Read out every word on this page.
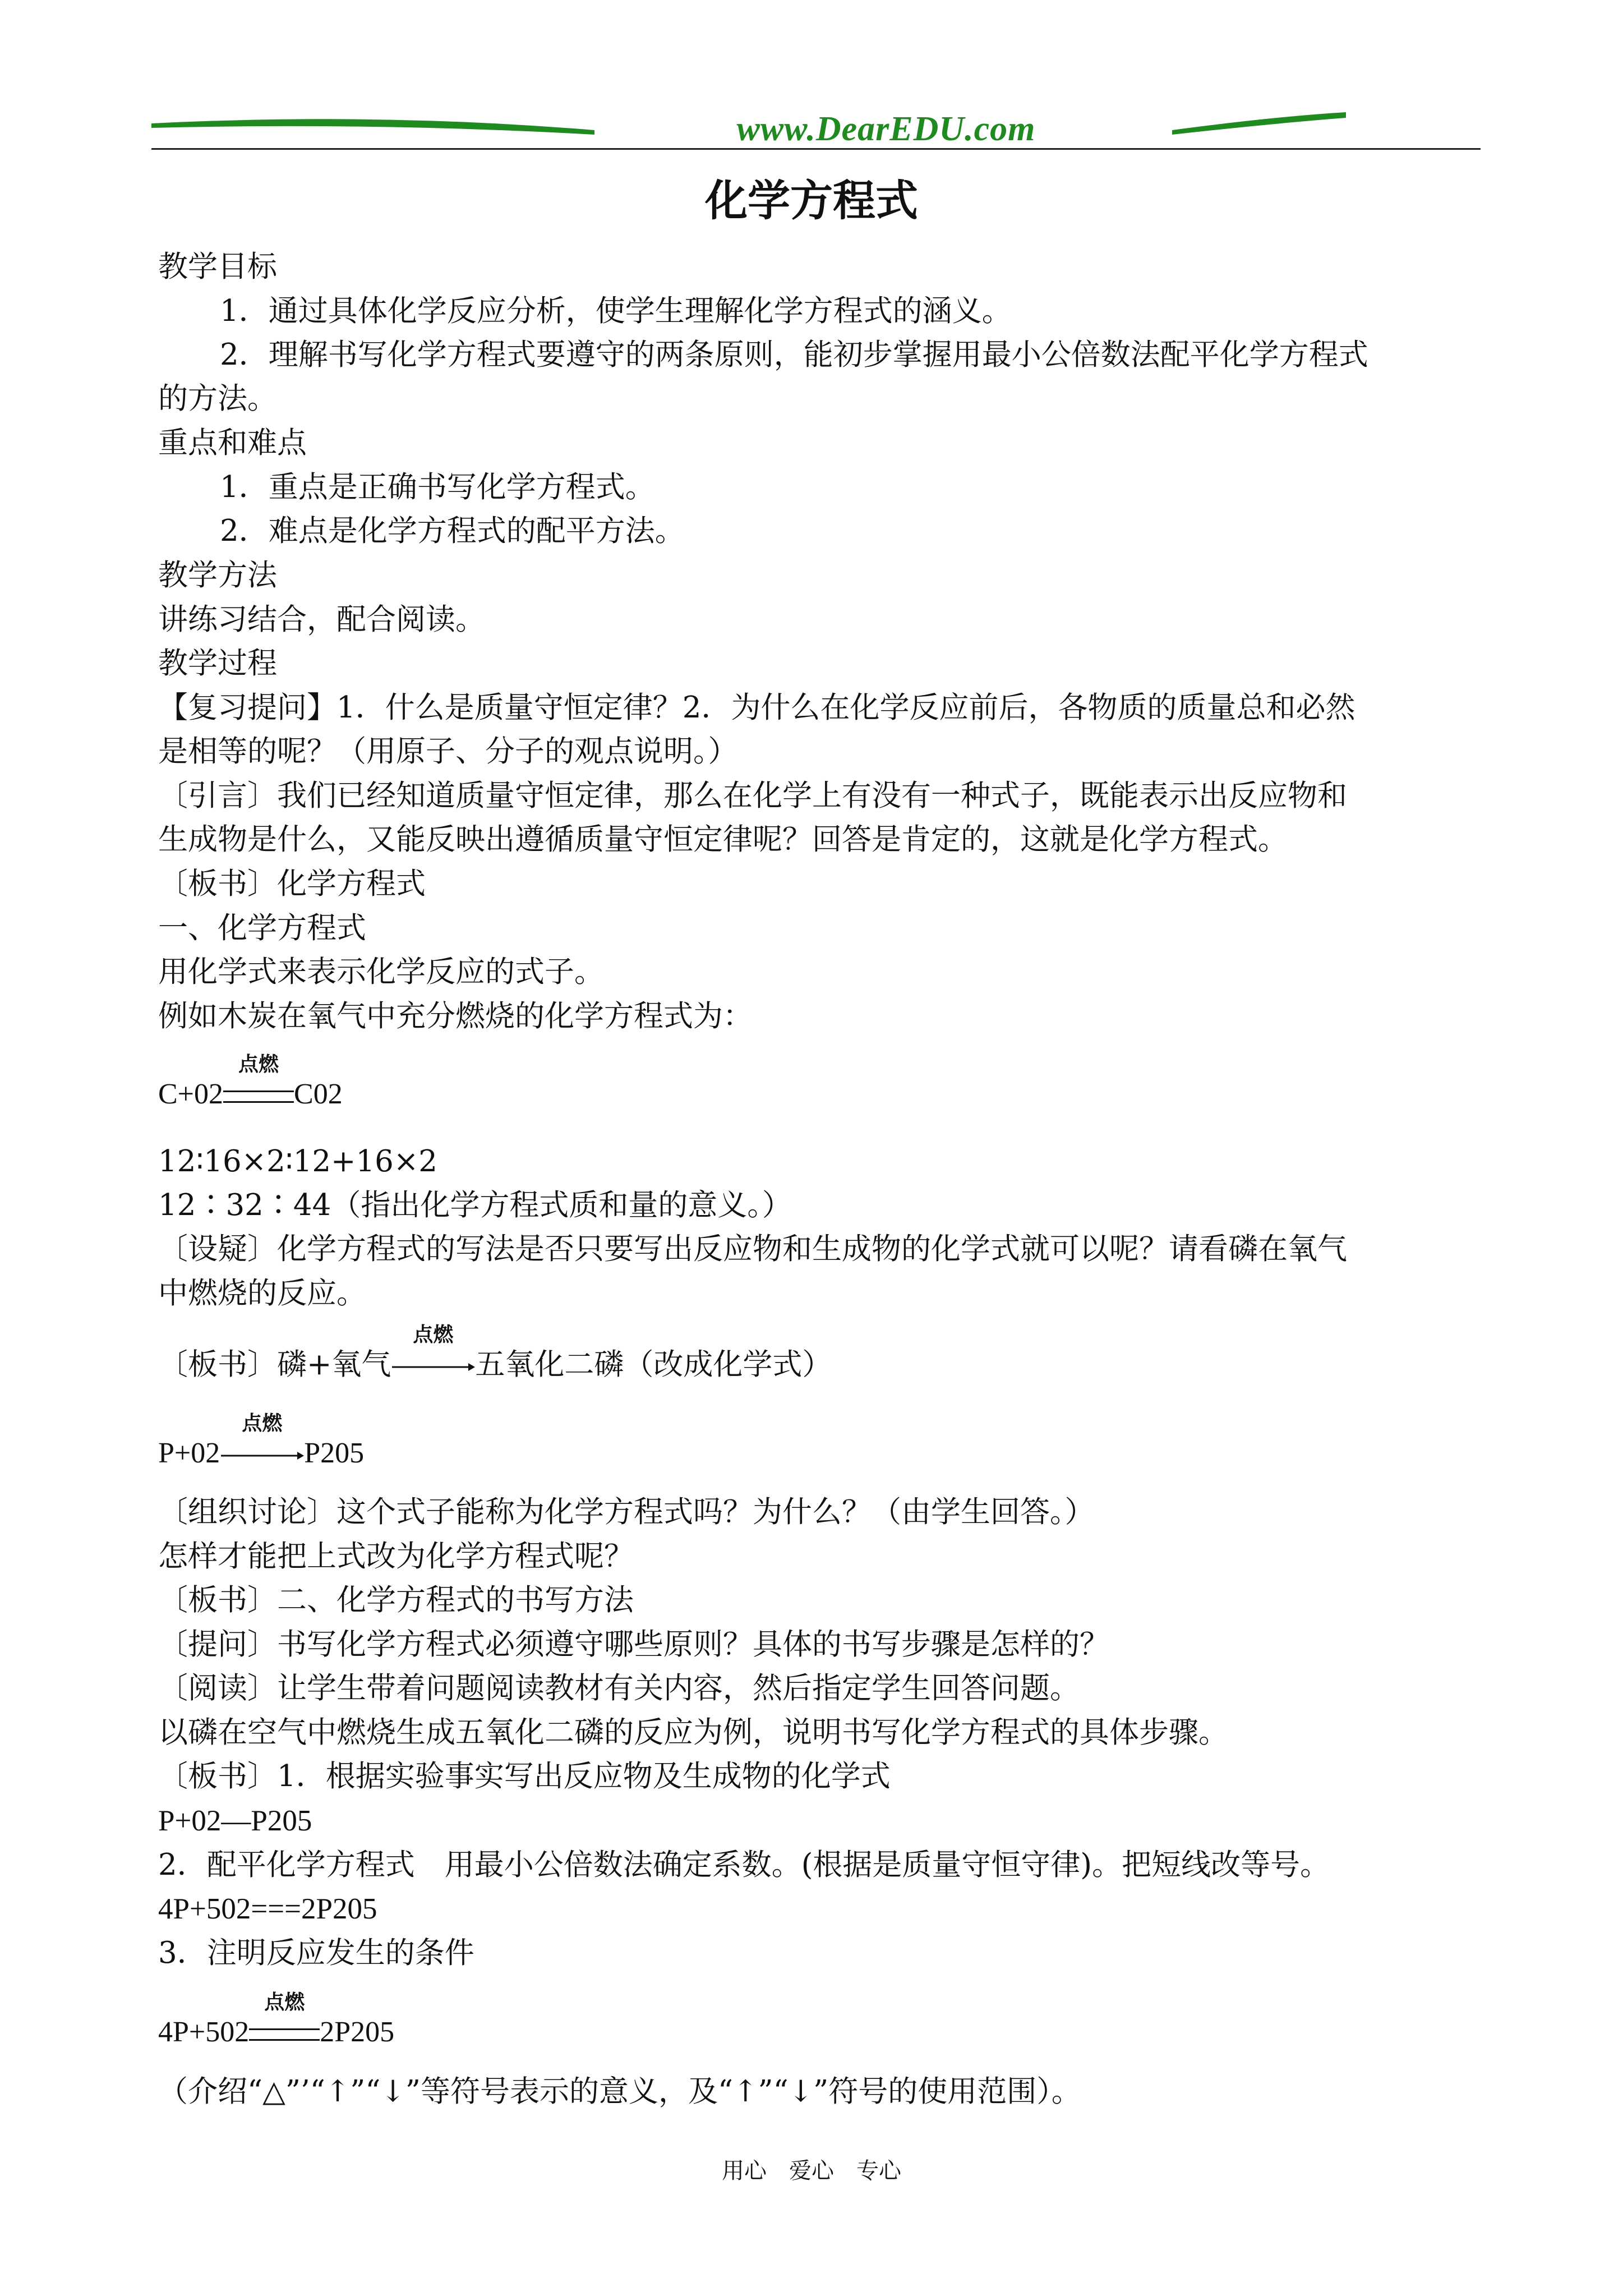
www.DearEDU.com
化学方程式
教学目标
1．通过具体化学反应分析，使学生理解化学方程式的涵义。
2．理解书写化学方程式要遵守的两条原则，能初步掌握用最小公倍数法配平化学方程式
的方法。
重点和难点
1．重点是正确书写化学方程式。
2．难点是化学方程式的配平方法。
教学方法
讲练习结合，配合阅读。
教学过程
【复习提问】1．什么是质量守恒定律？2．为什么在化学反应前后，各物质的质量总和必然
是相等的呢？（用原子、分子的观点说明。）
〔引言〕我们已经知道质量守恒定律，那么在化学上有没有一种式子，既能表示出反应物和
生成物是什么，又能反映出遵循质量守恒定律呢？回答是肯定的，这就是化学方程式。
〔板书〕化学方程式
一、化学方程式
用化学式来表示化学反应的式子。
例如木炭在氧气中充分燃烧的化学方程式为：
C+02
点燃
C02
12∶16×2∶12+16×2
12∶32∶44（指出化学方程式质和量的意义。）
〔设疑〕化学方程式的写法是否只要写出反应物和生成物的化学式就可以呢？请看磷在氧气
中燃烧的反应。
〔板书〕磷+氧气
点燃
五氧化二磷（改成化学式）
P+02
点燃
P205
〔组织讨论〕这个式子能称为化学方程式吗？为什么？（由学生回答。）
怎样才能把上式改为化学方程式呢？
〔板书〕二、化学方程式的书写方法
〔提问〕书写化学方程式必须遵守哪些原则？具体的书写步骤是怎样的？
〔阅读〕让学生带着问题阅读教材有关内容，然后指定学生回答问题。
以磷在空气中燃烧生成五氧化二磷的反应为例，说明书写化学方程式的具体步骤。
〔板书〕1．根据实验事实写出反应物及生成物的化学式
P+02—P205
2．配平化学方程式　用最小公倍数法确定系数。(根据是质量守恒守律)。把短线改等号。
4P+502===2P205
3．注明反应发生的条件
4P+502
点燃
2P205
（介绍“△”’“↑”“↓”等符号表示的意义，及“↑”“↓”符号的使用范围）。
用心　爱心　专心
